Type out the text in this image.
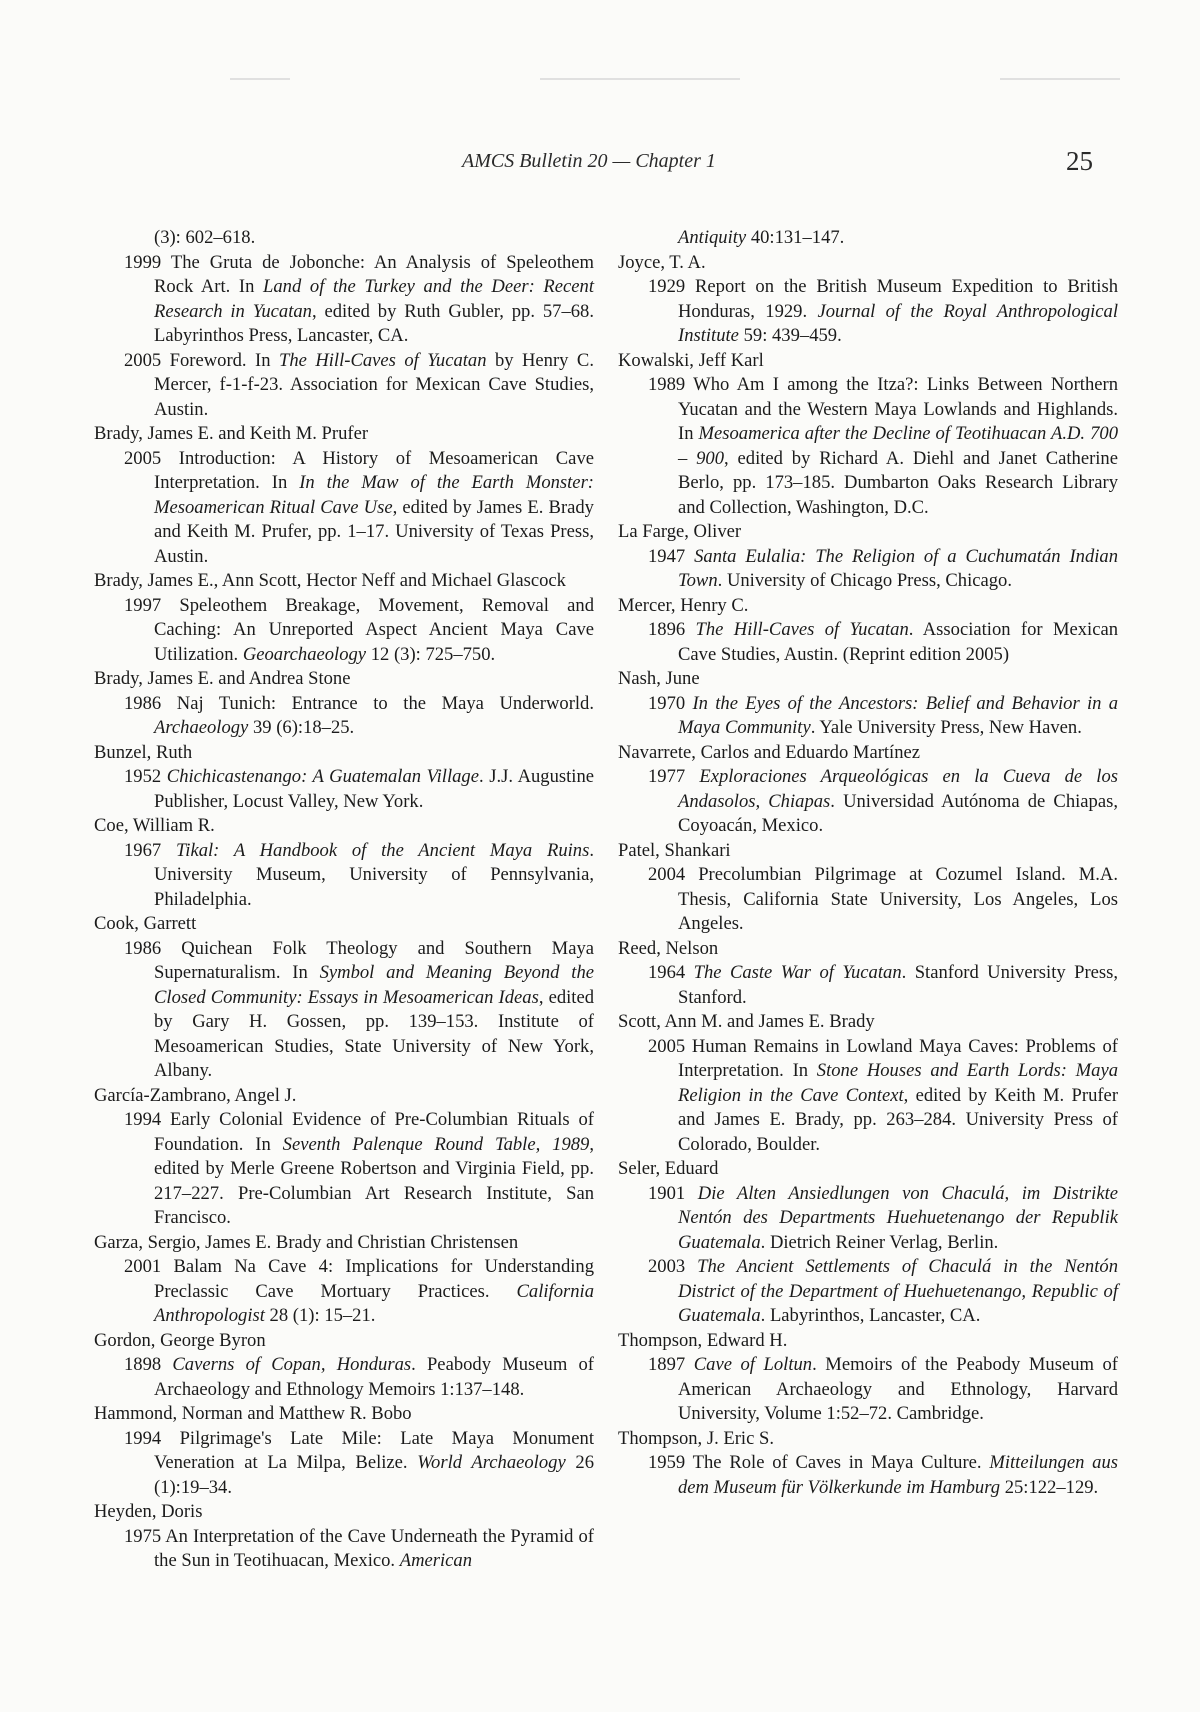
AMCS Bulletin 20 — Chapter 1	25

(3): 602–618.

1999 The Gruta de Jobonche: An Analysis of Speleothem Rock Art. In Land of the Turkey and the Deer: Recent Research in Yucatan, edited by Ruth Gubler, pp. 57–68. Labyrinthos Press, Lancaster, CA.

2005 Foreword. In The Hill-Caves of Yucatan by Henry C. Mercer, f-1-f-23. Association for Mexican Cave Studies, Austin.

Brady, James E. and Keith M. Prufer

2005 Introduction: A History of Mesoamerican Cave Interpretation. In In the Maw of the Earth Monster: Mesoamerican Ritual Cave Use, edited by James E. Brady and Keith M. Prufer, pp. 1–17. University of Texas Press, Austin.

Brady, James E., Ann Scott, Hector Neff and Michael Glascock

1997 Speleothem Breakage, Movement, Removal and Caching: An Unreported Aspect Ancient Maya Cave Utilization. Geoarchaeology 12 (3): 725–750.

Brady, James E. and Andrea Stone

1986 Naj Tunich: Entrance to the Maya Underworld. Archaeology 39 (6):18–25.

Bunzel, Ruth

1952 Chichicastenango: A Guatemalan Village. J.J. Augustine Publisher, Locust Valley, New York.

Coe, William R.

1967 Tikal: A Handbook of the Ancient Maya Ruins. University Museum, University of Pennsylvania, Philadelphia.

Cook, Garrett

1986 Quichean Folk Theology and Southern Maya Supernaturalism. In Symbol and Meaning Beyond the Closed Community: Essays in Mesoamerican Ideas, edited by Gary H. Gossen, pp. 139–153. Institute of Mesoamerican Studies, State University of New York, Albany.

García-Zambrano, Angel J.

1994 Early Colonial Evidence of Pre-Columbian Rituals of Foundation. In Seventh Palenque Round Table, 1989, edited by Merle Greene Robertson and Virginia Field, pp. 217–227. Pre-Columbian Art Research Institute, San Francisco.

Garza, Sergio, James E. Brady and Christian Christensen

2001 Balam Na Cave 4: Implications for Understanding Preclassic Cave Mortuary Practices. California Anthropologist 28 (1): 15–21.

Gordon, George Byron

1898 Caverns of Copan, Honduras. Peabody Museum of Archaeology and Ethnology Memoirs 1:137–148.

Hammond, Norman and Matthew R. Bobo

1994 Pilgrimage's Late Mile: Late Maya Monument Veneration at La Milpa, Belize. World Archaeology 26 (1):19–34.

Heyden, Doris

1975 An Interpretation of the Cave Underneath the Pyramid of the Sun in Teotihuacan, Mexico. American

Antiquity 40:131–147.

Joyce, T. A.

1929 Report on the British Museum Expedition to British Honduras, 1929. Journal of the Royal Anthropological Institute 59: 439–459.

Kowalski, Jeff Karl

1989 Who Am I among the Itza?: Links Between Northern Yucatan and the Western Maya Lowlands and Highlands. In Mesoamerica after the Decline of Teotihuacan A.D. 700 – 900, edited by Richard A. Diehl and Janet Catherine Berlo, pp. 173–185. Dumbarton Oaks Research Library and Collection, Washington, D.C.

La Farge, Oliver

1947 Santa Eulalia: The Religion of a Cuchumatán Indian Town. University of Chicago Press, Chicago.

Mercer, Henry C.

1896 The Hill-Caves of Yucatan. Association for Mexican Cave Studies, Austin. (Reprint edition 2005)

Nash, June

1970 In the Eyes of the Ancestors: Belief and Behavior in a Maya Community. Yale University Press, New Haven.

Navarrete, Carlos and Eduardo Martínez

1977 Exploraciones Arqueológicas en la Cueva de los Andasolos, Chiapas. Universidad Autónoma de Chiapas, Coyoacán, Mexico.

Patel, Shankari

2004 Precolumbian Pilgrimage at Cozumel Island. M.A. Thesis, California State University, Los Angeles, Los Angeles.

Reed, Nelson

1964 The Caste War of Yucatan. Stanford University Press, Stanford.

Scott, Ann M. and James E. Brady

2005 Human Remains in Lowland Maya Caves: Problems of Interpretation. In Stone Houses and Earth Lords: Maya Religion in the Cave Context, edited by Keith M. Prufer and James E. Brady, pp. 263–284. University Press of Colorado, Boulder.

Seler, Eduard

1901 Die Alten Ansiedlungen von Chaculá, im Distrikte Nentón des Departments Huehuetenango der Republik Guatemala. Dietrich Reiner Verlag, Berlin.

2003 The Ancient Settlements of Chaculá in the Nentón District of the Department of Huehuetenango, Republic of Guatemala. Labyrinthos, Lancaster, CA.

Thompson, Edward H.

1897 Cave of Loltun. Memoirs of the Peabody Museum of American Archaeology and Ethnology, Harvard University, Volume 1:52–72. Cambridge.

Thompson, J. Eric S.

1959 The Role of Caves in Maya Culture. Mitteilungen aus dem Museum für Völkerkunde im Hamburg 25:122–129.
